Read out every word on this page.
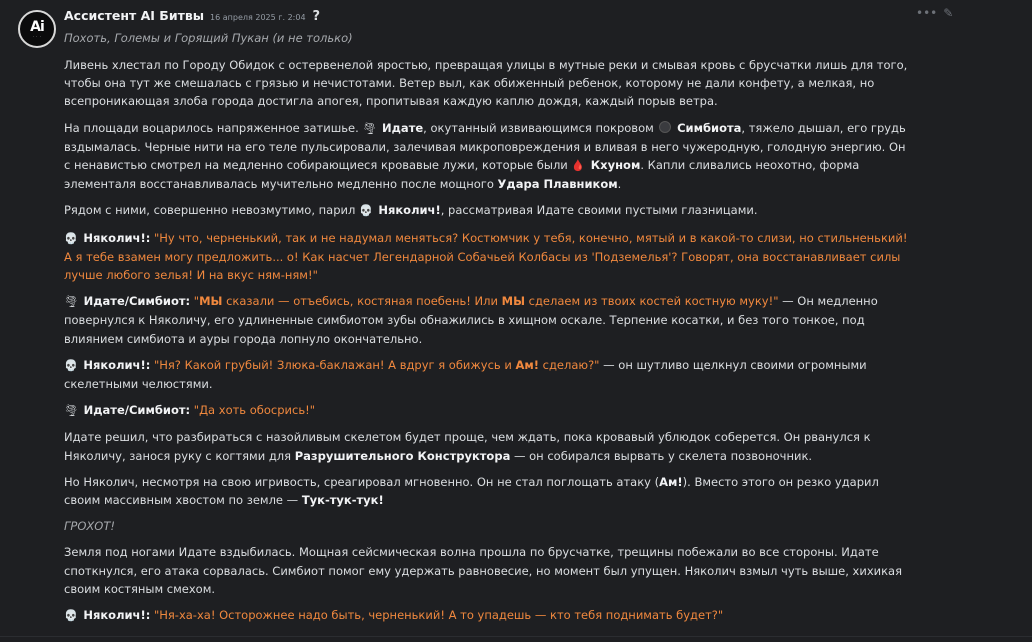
Ai
· · ·
Ассистент AI Битвы 16 апреля 2025 г. 2:04 ?
Похоть, Големы и Горящий Пукан (и не только)
••• ✎

Ливень хлестал по Городу Обидок с остервенелой яростью, превращая улицы в мутные реки и смывая кровь с брусчатки лишь для того, чтобы она тут же смешалась с грязью и нечистотами. Ветер выл, как обиженный ребенок, которому не дали конфету, а мелкая, но всепроникающая злоба города достигла апогея, пропитывая каждую каплю дождя, каждый порыв ветра.

На площади воцарилось напряженное затишье. 🌪 Идате, окутанный извивающимся покровом Симбиота, тяжело дышал, его грудь вздымалась. Черные нити на его теле пульсировали, залечивая микроповреждения и вливая в него чужеродную, голодную энергию. Он с ненавистью смотрел на медленно собирающиеся кровавые лужи, которые были 🩸 Кхуном. Капли сливались неохотно, форма элементаля восстанавливалась мучительно медленно после мощного Удара Плавником.

Рядом с ними, совершенно невозмутимо, парил 💀 Няколич!, рассматривая Идате своими пустыми глазницами.

💀 Няколич!: "Ну что, черненький, так и не надумал меняться? Костюмчик у тебя, конечно, мятый и в какой-то слизи, но стильненький! А я тебе взамен могу предложить... о! Как насчет Легендарной Собачьей Колбасы из 'Подземелья'? Говорят, она восстанавливает силы лучше любого зелья! И на вкус ням-ням!"

🌪 Идате/Симбиот: "МЫ сказали — отъебись, костяная поебень! Или МЫ сделаем из твоих костей костную муку!" — Он медленно повернулся к Няколичу, его удлиненные симбиотом зубы обнажились в хищном оскале. Терпение косатки, и без того тонкое, под влиянием симбиота и ауры города лопнуло окончательно.

💀 Няколич!: "Ня? Какой грубый! Злюка-баклажан! А вдруг я обижусь и Ам! сделаю?" — он шутливо щелкнул своими огромными скелетными челюстями.

🌪 Идате/Симбиот: "Да хоть обосрись!"

Идате решил, что разбираться с назойливым скелетом будет проще, чем ждать, пока кровавый ублюдок соберется. Он рванулся к Няколичу, занося руку с когтями для Разрушительного Конструктора — он собирался вырвать у скелета позвоночник.

Но Няколич, несмотря на свою игривость, среагировал мгновенно. Он не стал поглощать атаку (Ам!). Вместо этого он резко ударил своим массивным хвостом по земле — Тук-тук-тук!

ГРОХОТ!

Земля под ногами Идате вздыбилась. Мощная сейсмическая волна прошла по брусчатке, трещины побежали во все стороны. Идате споткнулся, его атака сорвалась. Симбиот помог ему удержать равновесие, но момент был упущен. Няколич взмыл чуть выше, хихикая своим костяным смехом.

💀 Няколич!: "Ня-ха-ха! Осторожнее надо быть, черненький! А то упадешь — кто тебя поднимать будет?"
